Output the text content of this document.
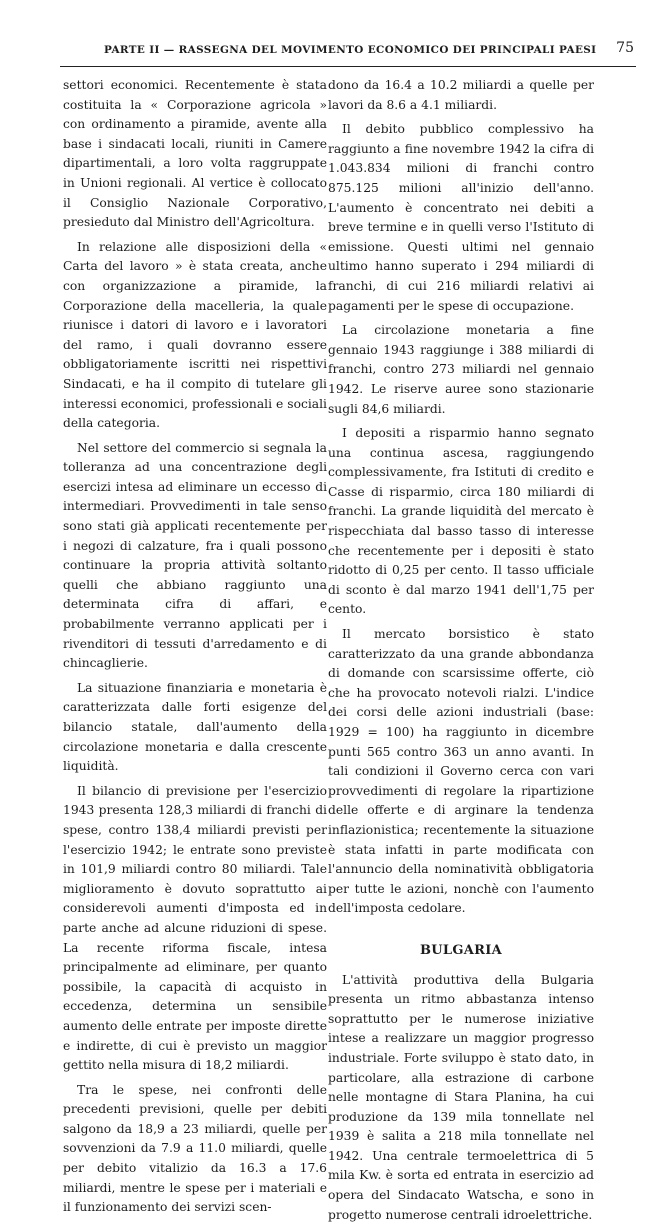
PARTE II — RASSEGNA DEL MOVIMENTO ECONOMICO DEI PRINCIPALI PAESI 75

settori economici. Recentemente è stata costituita la « Corporazione agricola » con ordinamento a piramide, avente alla base i sindacati locali, riuniti in Camere dipartimentali, a loro volta raggruppate in Unioni regionali. Al vertice è collocato il Consiglio Nazionale Corporativo, presieduto dal Ministro dell'Agricoltura.

In relazione alle disposizioni della « Carta del lavoro » è stata creata, anche con organizzazione a piramide, la Corporazione della macelleria, la quale riunisce i datori di lavoro e i lavoratori del ramo, i quali dovranno essere obbligatoriamente iscritti nei rispettivi Sindacati, e ha il compito di tutelare gli interessi economici, professionali e sociali della categoria.

Nel settore del commercio si segnala la tolleranza ad una concentrazione degli esercizi intesa ad eliminare un eccesso di intermediari. Provvedimenti in tale senso sono stati già applicati recentemente per i negozi di calzature, fra i quali possono continuare la propria attività soltanto quelli che abbiano raggiunto una determinata cifra di affari, e probabilmente verranno applicati per i rivenditori di tessuti d'arredamento e di chincaglierie.

La situazione finanziaria e monetaria è caratterizzata dalle forti esigenze del bilancio statale, dall'aumento della circolazione monetaria e dalla crescente liquidità.

Il bilancio di previsione per l'esercizio 1943 presenta 128,3 miliardi di franchi di spese, contro 138,4 miliardi previsti per l'esercizio 1942; le entrate sono previste in 101,9 miliardi contro 80 miliardi. Tale miglioramento è dovuto soprattutto ai considerevoli aumenti d'imposta ed in parte anche ad alcune riduzioni di spese. La recente riforma fiscale, intesa principalmente ad eliminare, per quanto possibile, la capacità di acquisto in eccedenza, determina un sensibile aumento delle entrate per imposte dirette e indirette, di cui è previsto un maggior gettito nella misura di 18,2 miliardi.

Tra le spese, nei confronti delle precedenti previsioni, quelle per debiti salgono da 18,9 a 23 miliardi, quelle per sovvenzioni da 7.9 a 11.0 miliardi, quelle per debito vitalizio da 16.3 a 17.6 miliardi, mentre le spese per i materiali e il funzionamento dei servizi scen-

dono da 16.4 a 10.2 miliardi a quelle per lavori da 8.6 a 4.1 miliardi.

Il debito pubblico complessivo ha raggiunto a fine novembre 1942 la cifra di 1.043.834 milioni di franchi contro 875.125 milioni all'inizio dell'anno. L'aumento è concentrato nei debiti a breve termine e in quelli verso l'Istituto di emissione. Questi ultimi nel gennaio ultimo hanno superato i 294 miliardi di franchi, di cui 216 miliardi relativi ai pagamenti per le spese di occupazione.

La circolazione monetaria a fine gennaio 1943 raggiunge i 388 miliardi di franchi, contro 273 miliardi nel gennaio 1942. Le riserve auree sono stazionarie sugli 84,6 miliardi.

I depositi a risparmio hanno segnato una continua ascesa, raggiungendo complessivamente, fra Istituti di credito e Casse di risparmio, circa 180 miliardi di franchi. La grande liquidità del mercato è rispecchiata dal basso tasso di interesse che recentemente per i depositi è stato ridotto di 0,25 per cento. Il tasso ufficiale di sconto è dal marzo 1941 dell'1,75 per cento.

Il mercato borsistico è stato caratterizzato da una grande abbondanza di domande con scarsissime offerte, ciò che ha provocato notevoli rialzi. L'indice dei corsi delle azioni industriali (base: 1929 = 100) ha raggiunto in dicembre punti 565 contro 363 un anno avanti. In tali condizioni il Governo cerca con vari provvedimenti di regolare la ripartizione delle offerte e di arginare la tendenza inflazionistica; recentemente la situazione è stata infatti in parte modificata con l'annuncio della nominatività obbligatoria per tutte le azioni, nonchè con l'aumento dell'imposta cedolare.

BULGARIA

L'attività produttiva della Bulgaria presenta un ritmo abbastanza intenso soprattutto per le numerose iniziative intese a realizzare un maggior progresso industriale. Forte sviluppo è stato dato, in particolare, alla estrazione di carbone nelle montagne di Stara Planina, ha cui produzione da 139 mila tonnellate nel 1939 è salita a 218 mila tonnellate nel 1942. Una centrale termoelettrica di 5 mila Kw. è sorta ed entrata in esercizio ad opera del Sindacato Watscha, e sono in progetto numerose centrali idroelettriche.
